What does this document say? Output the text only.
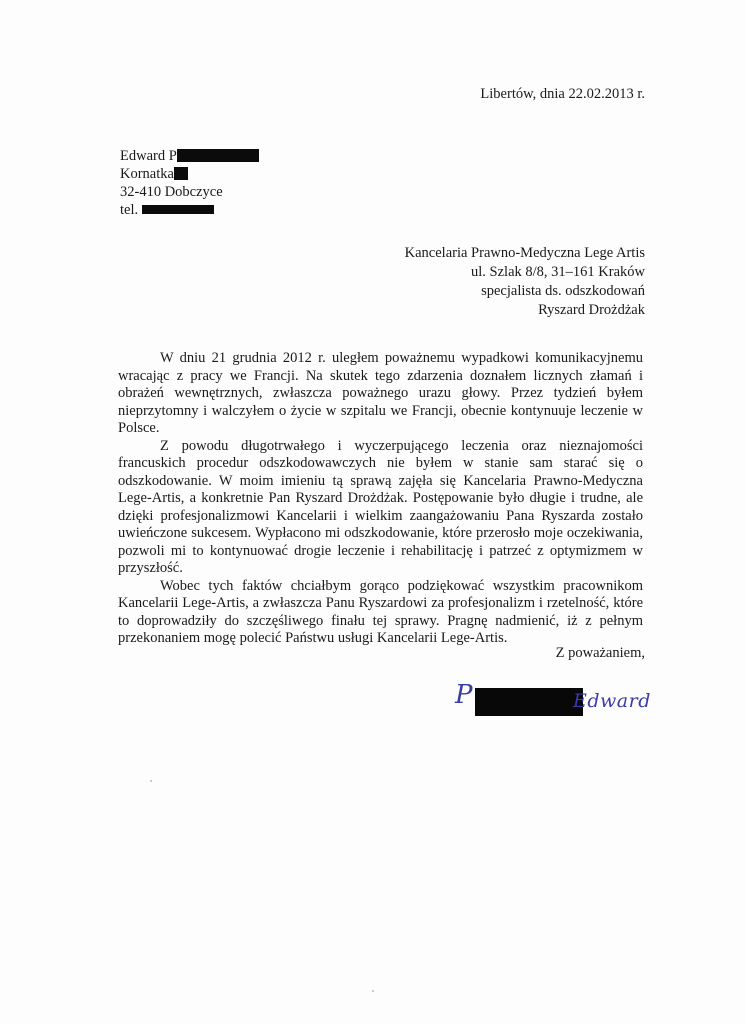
Libertów, dnia 22.02.2013 r.
Edward P
Kornatka
32-410 Dobczyce
tel.
Kancelaria Prawno-Medyczna Lege Artis
ul. Szlak 8/8, 31–161 Kraków
specjalista ds. odszkodowań
Ryszard Drożdżak

W dniu 21 grudnia 2012 r. uległem poważnemu wypadkowi komunikacyjnemu wracając z pracy we Francji. Na skutek tego zdarzenia doznałem licznych złamań i obrażeń wewnętrznych, zwłaszcza poważnego urazu głowy. Przez tydzień byłem nieprzytomny i walczyłem o życie w szpitalu we Francji, obecnie kontynuuje leczenie w Polsce.

Z powodu długotrwałego i wyczerpującego leczenia oraz nieznajomości francuskich procedur odszkodowawczych nie byłem w stanie sam starać się o odszkodowanie. W moim imieniu tą sprawą zajęła się Kancelaria Prawno-Medyczna Lege-Artis, a konkretnie Pan Ryszard Drożdżak. Postępowanie było długie i trudne, ale dzięki profesjonalizmowi Kancelarii i wielkim zaangażowaniu Pana Ryszarda zostało uwieńczone sukcesem. Wypłacono mi odszkodowanie, które przerosło moje oczekiwania, pozwoli mi to kontynuować drogie leczenie i rehabilitację i patrzeć z optymizmem w przyszłość.

Wobec tych faktów chciałbym gorąco podziękować wszystkim pracownikom Kancelarii Lege-Artis, a zwłaszcza Panu Ryszardowi za profesjonalizm i rzetelność, które to doprowadziły do szczęśliwego finału tej sprawy. Pragnę nadmienić, iż z pełnym przekonaniem mogę polecić Państwu usługi Kancelarii Lege-Artis.

Z poważaniem,
P	Edward
